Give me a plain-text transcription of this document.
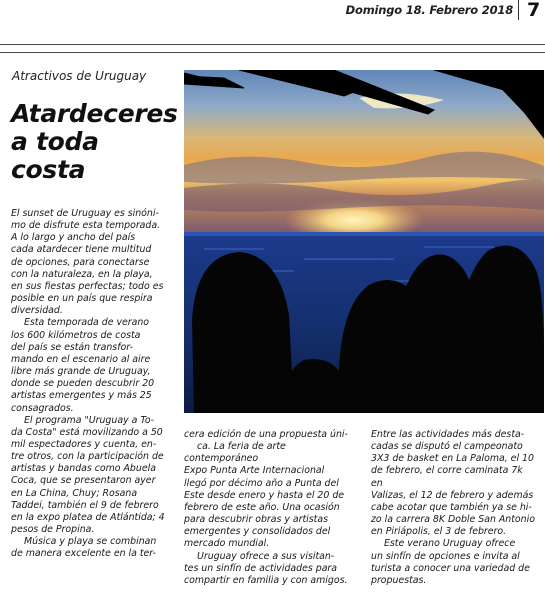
Domingo 18. Febrero 2018 7
Atractivos de Uruguay
Atardeceres a toda costa

El sunset de Uruguay es sinóni-

mo de disfrute esta temporada.

A lo largo y ancho del país

cada atardecer tiene multitud

de opciones, para conectarse

con la naturaleza, en la playa,

en sus fiestas perfectas; todo es

posible en un país que respira

diversidad.

Esta temporada de verano

los 600 kilómetros de costa

del país se están transfor-

mando en el escenario al aire

libre más grande de Uruguay,

donde se pueden descubrir 20

artistas emergentes y más 25

consagrados.

El programa "Uruguay a To-

da Costa" está movilizando a 50

mil espectadores y cuenta, en-

tre otros, con la participación de

artistas y bandas como Abuela

Coca, que se presentaron ayer

en La China, Chuy; Rosana

Taddei, también el 9 de febrero

en la expo platea de Atlántida; 4

pesos de Propina.

Música y playa se combinan

de manera excelente en la ter-

cera edición de una propuesta úni-

ca. La feria de arte contemporáneo

Expo Punta Arte Internacional

llegó por décimo año a Punta del

Este desde enero y hasta el 20 de

febrero de este año. Una ocasión

para descubrir obras y artistas

emergentes y consolidados del

mercado mundial.

Uruguay ofrece a sus visitan-

tes un sinfín de actividades para

compartir en familia y con amigos.

Entre las actividades más desta-

cadas se disputó el campeonato

3X3 de basket en La Paloma, el 10

de febrero, el corre caminata 7k en

Valizas, el 12 de febrero y además

cabe acotar que también ya se hi-

zo la carrera 8K Doble San Antonio

en Piriápolis, el 3 de febrero.

Este verano Uruguay ofrece

un sinfín de opciones e invita al

turista a conocer una variedad de

propuestas.
